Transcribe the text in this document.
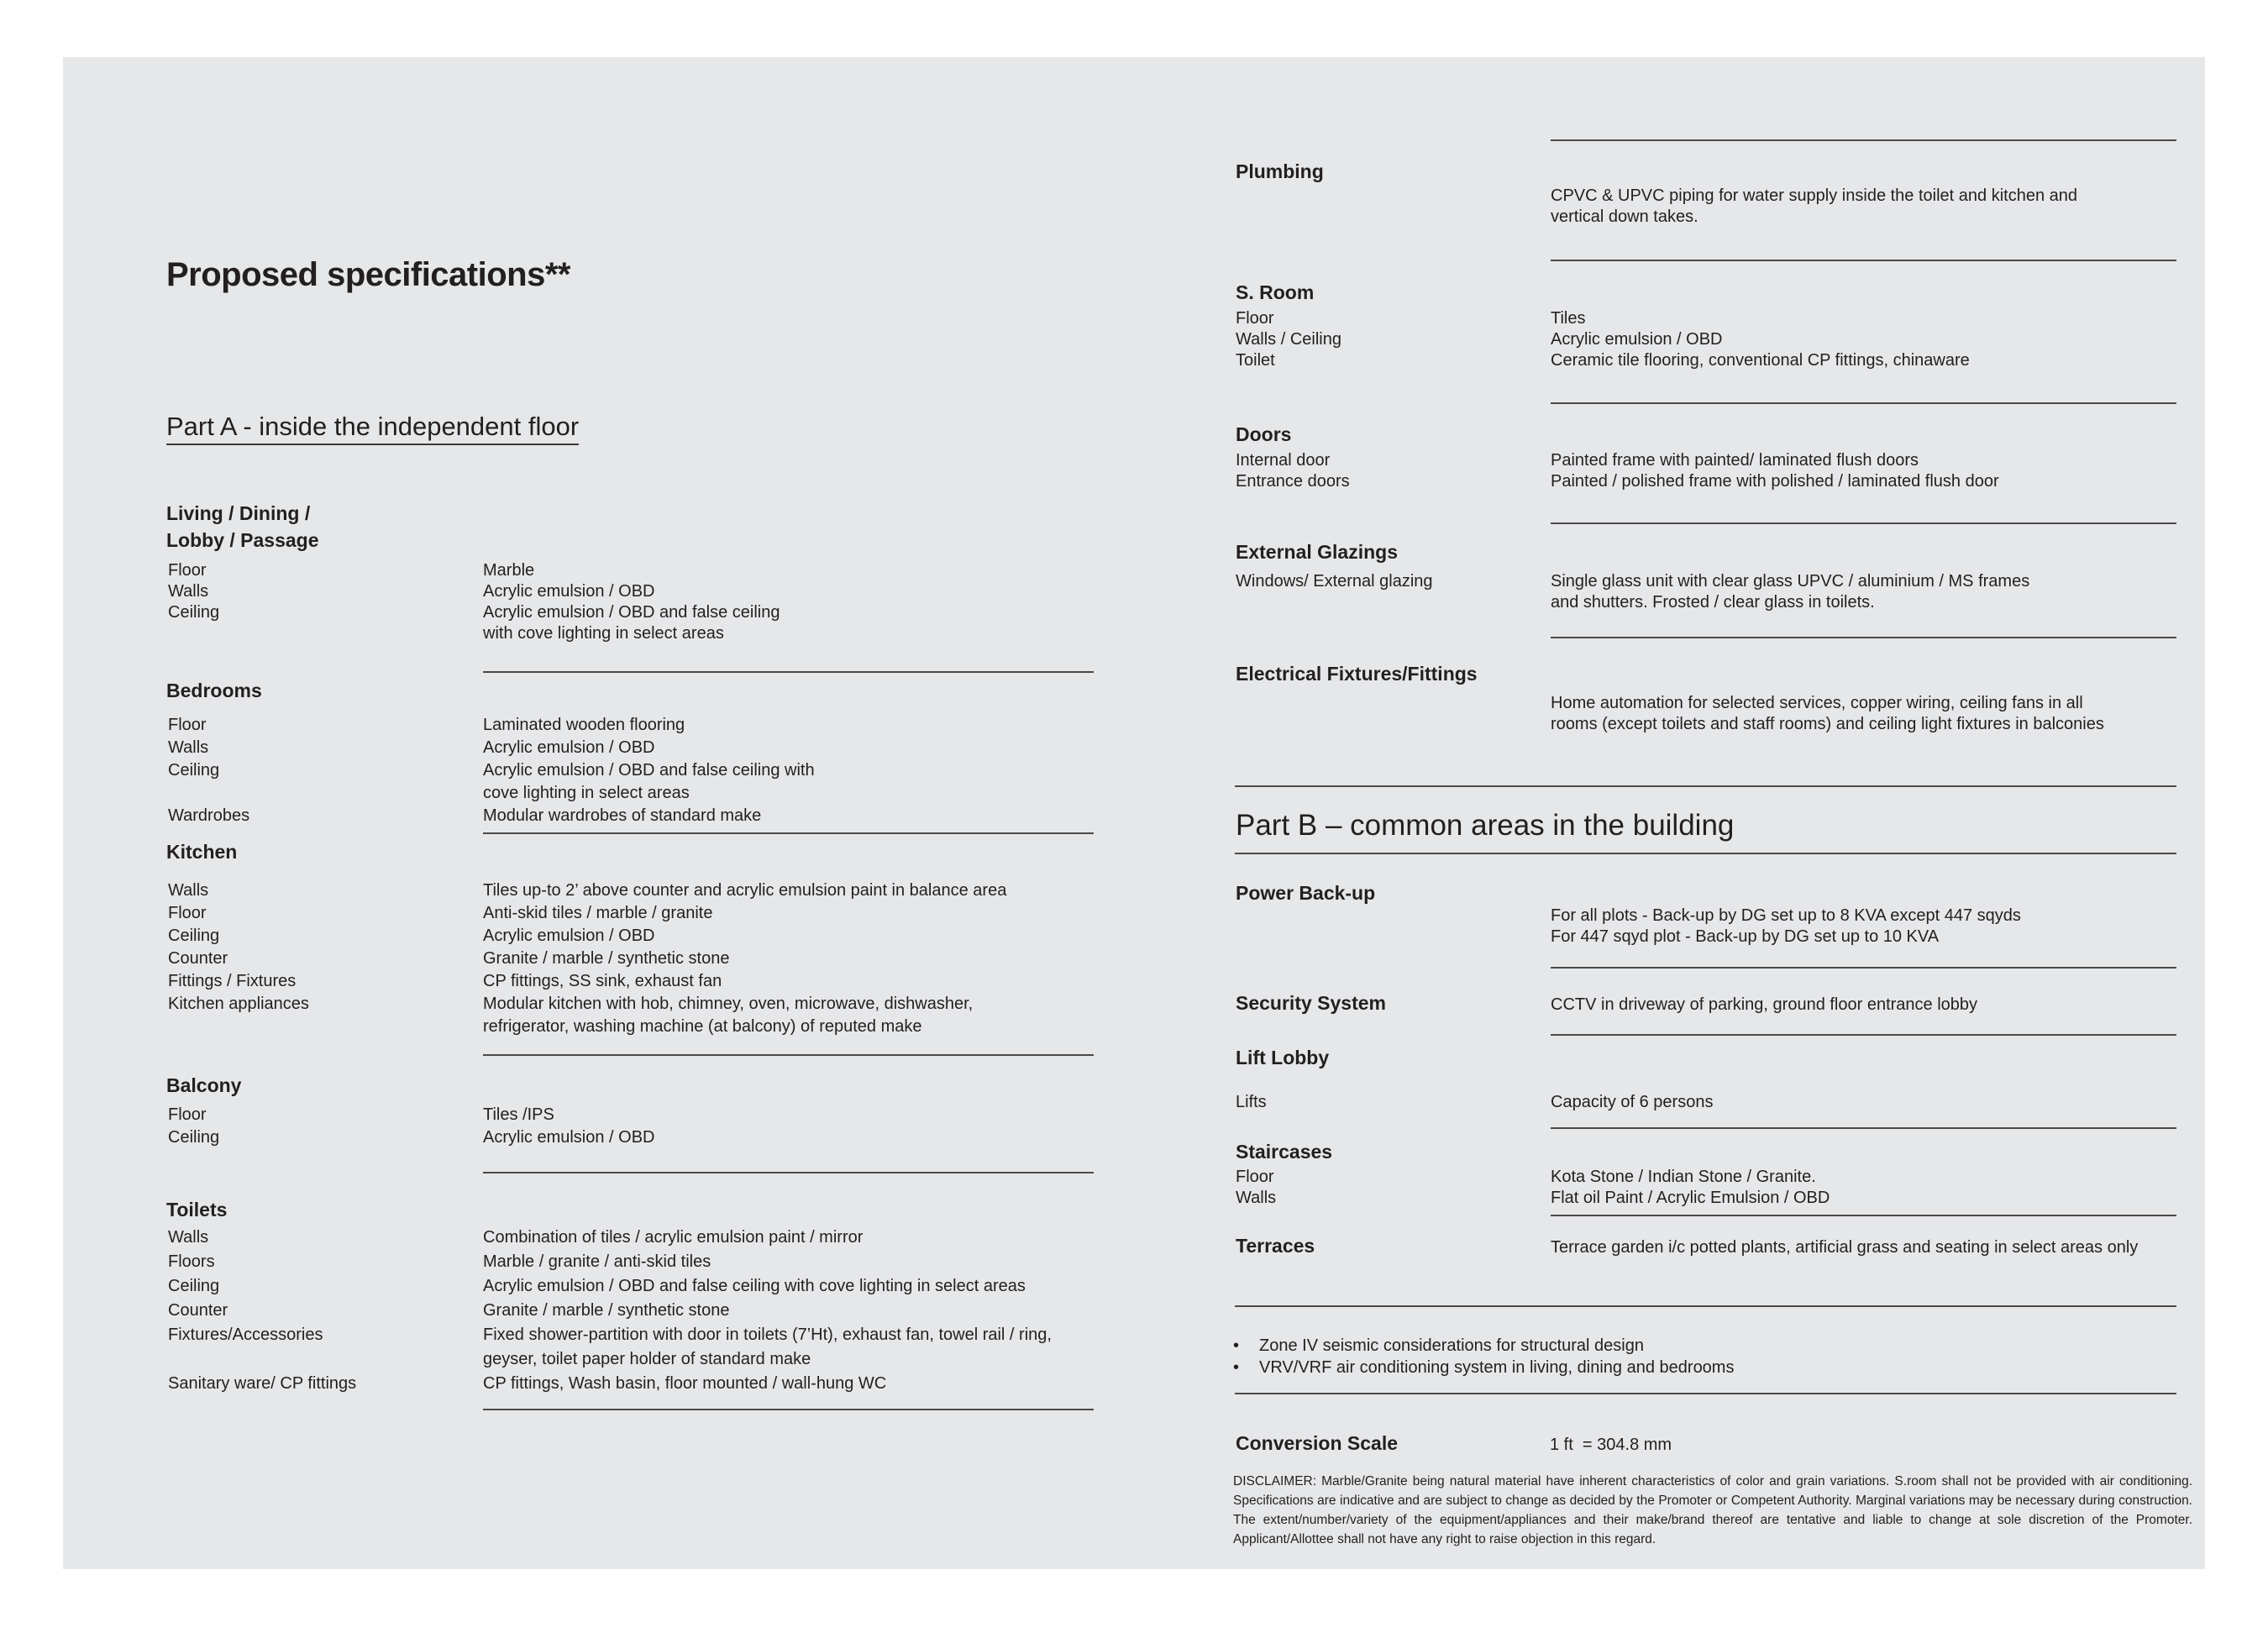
Proposed specifications**
Part A - inside the independent floor
Living / Dining /
Lobby / Passage
Floor	Marble
Walls	Acrylic emulsion / OBD
Ceiling	Acrylic emulsion / OBD and false ceiling
with cove lighting in select areas
Bedrooms
Floor	Laminated wooden flooring
Walls	Acrylic emulsion / OBD
Ceiling	Acrylic emulsion / OBD and false ceiling with
cove lighting in select areas
Wardrobes	Modular wardrobes of standard make
Kitchen
Walls	Tiles up-to 2’ above counter and acrylic emulsion paint in balance area
Floor	Anti-skid tiles / marble / granite
Ceiling	Acrylic emulsion / OBD
Counter	Granite / marble / synthetic stone
Fittings / Fixtures	CP fittings, SS sink, exhaust fan
Kitchen appliances	Modular kitchen with hob, chimney, oven, microwave, dishwasher,
refrigerator, washing machine (at balcony) of reputed make
Balcony
Floor	Tiles /IPS
Ceiling	Acrylic emulsion / OBD
Toilets
Walls	Combination of tiles / acrylic emulsion paint / mirror
Floors	Marble / granite / anti-skid tiles
Ceiling	Acrylic emulsion / OBD and false ceiling with cove lighting in select areas
Counter	Granite / marble / synthetic stone
Fixtures/Accessories	Fixed shower-partition with door in toilets (7’Ht), exhaust fan, towel rail / ring,
geyser, toilet paper holder of standard make
Sanitary ware/ CP fittings	CP fittings, Wash basin, floor mounted / wall-hung WC
Plumbing
CPVC & UPVC piping for water supply inside the toilet and kitchen and
vertical down takes.
S. Room
Floor	Tiles
Walls / Ceiling	Acrylic emulsion / OBD
Toilet	Ceramic tile flooring, conventional CP fittings, chinaware
Doors
Internal door	Painted frame with painted/ laminated flush doors
Entrance doors	Painted / polished frame with polished / laminated flush door
External Glazings
Windows/ External glazing	Single glass unit with clear glass UPVC / aluminium / MS frames
and shutters. Frosted / clear glass in toilets.
Electrical Fixtures/Fittings
Home automation for selected services, copper wiring, ceiling fans in all
rooms (except toilets and staff rooms) and ceiling light fixtures in balconies
Part B – common areas in the building
Power Back-up
For all plots - Back-up by DG set up to 8 KVA except 447 sqyds
For 447 sqyd plot - Back-up by DG set up to 10 KVA
Security System	CCTV in driveway of parking, ground floor entrance lobby
Lift Lobby
Lifts	Capacity of 6 persons
Staircases
Floor	Kota Stone / Indian Stone / Granite.
Walls	Flat oil Paint / Acrylic Emulsion / OBD
Terraces	Terrace garden i/c potted plants, artificial grass and seating in select areas only
• Zone IV seismic considerations for structural design
• VRV/VRF air conditioning system in living, dining and bedrooms
Conversion Scale	1 ft  = 304.8 mm
DISCLAIMER: Marble/Granite being natural material have inherent characteristics of color and grain variations. S.room shall not be provided with air conditioning. Specifications are indicative and are subject to change as decided by the Promoter or Competent Authority. Marginal variations may be necessary during construction. The extent/number/variety of the equipment/appliances and their make/brand thereof are tentative and liable to change at sole discretion of the Promoter. Applicant/Allottee shall not have any right to raise objection in this regard.
